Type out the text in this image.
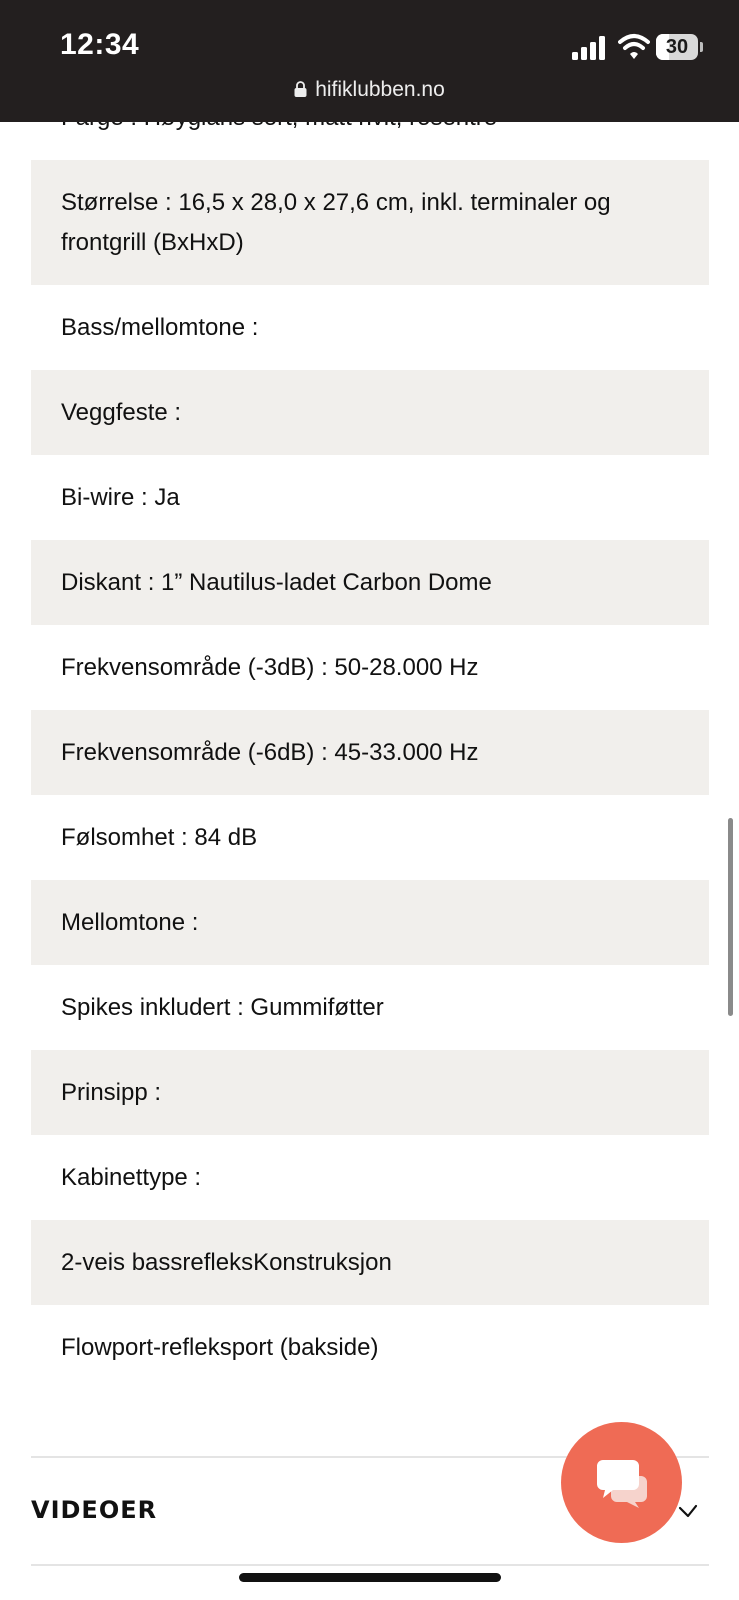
Størrelse : 16,5 x 28,0 x 27,6 cm, inkl. terminaler og frontgrill (BxHxD)
Bass/mellomtone :
Veggfeste :
Bi-wire : Ja
Diskant : 1” Nautilus-ladet Carbon Dome
Frekvensområde (-3dB) : 50-28.000 Hz
Frekvensområde (-6dB) : 45-33.000 Hz
Følsomhet : 84 dB
Mellomtone :
Spikes inkludert : Gummiføtter
Prinsipp :
Kabinettype :
2-veis bassrefleksKonstruksjon
Flowport-refleksport (bakside)
VIDEOER
12:34	30
hifiklubben.no
